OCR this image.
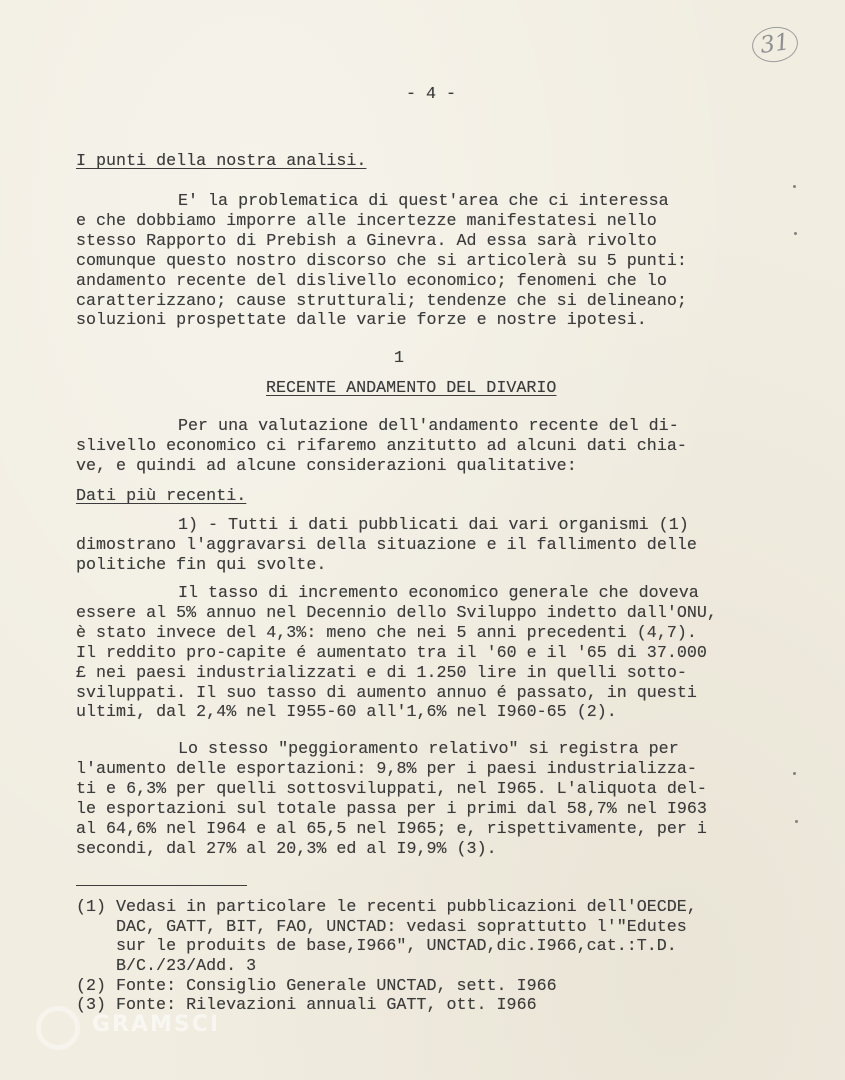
31
- 4 -
I punti della nostra analisi.
E' la problematica di quest'area che ci interessa
e che dobbiamo imporre alle incertezze manifestatesi nello
stesso Rapporto di Prebish a Ginevra. Ad essa sarà rivolto
comunque questo nostro discorso che si articolerà su 5 punti:
andamento recente del dislivello economico; fenomeni che lo
caratterizzano; cause strutturali; tendenze che si delineano;
soluzioni prospettate dalle varie forze e nostre ipotesi.
1
RECENTE ANDAMENTO DEL DIVARIO
Per una valutazione dell'andamento recente del di-
slivello economico ci rifaremo anzitutto ad alcuni dati chia-
ve, e quindi ad alcune considerazioni qualitative:
Dati più recenti.
1) - Tutti i dati pubblicati dai vari organismi (1)
dimostrano l'aggravarsi della situazione e il fallimento delle
politiche fin qui svolte.
Il tasso di incremento economico generale che doveva
essere al 5% annuo nel Decennio dello Sviluppo indetto dall'ONU,
è stato invece del 4,3%: meno che nei 5 anni precedenti (4,7).
Il reddito pro-capite é aumentato tra il '60 e il '65 di 37.000
£ nei paesi industrializzati e di 1.250 lire in quelli sotto-
sviluppati. Il suo tasso di aumento annuo é passato, in questi
ultimi, dal 2,4% nel I955-60 all'1,6% nel I960-65 (2).
Lo stesso "peggioramento relativo" si registra per
l'aumento delle esportazioni: 9,8% per i paesi industrializza-
ti e 6,3% per quelli sottosviluppati, nel I965. L'aliquota del-
le esportazioni sul totale passa per i primi dal 58,7% nel I963
al 64,6% nel I964 e al 65,5 nel I965; e, rispettivamente, per i
secondi, dal 27% al 20,3% ed al I9,9% (3).
(1) Vedasi in particolare le recenti pubblicazioni dell'OECDE,
DAC, GATT, BIT, FAO, UNCTAD: vedasi soprattutto l'"Edutes
sur le produits de base,I966", UNCTAD,dic.I966,cat.:T.D.
B/C./23/Add. 3
(2) Fonte: Consiglio Generale UNCTAD, sett. I966
(3) Fonte: Rilevazioni annuali GATT, ott. I966
GRAMSCI
